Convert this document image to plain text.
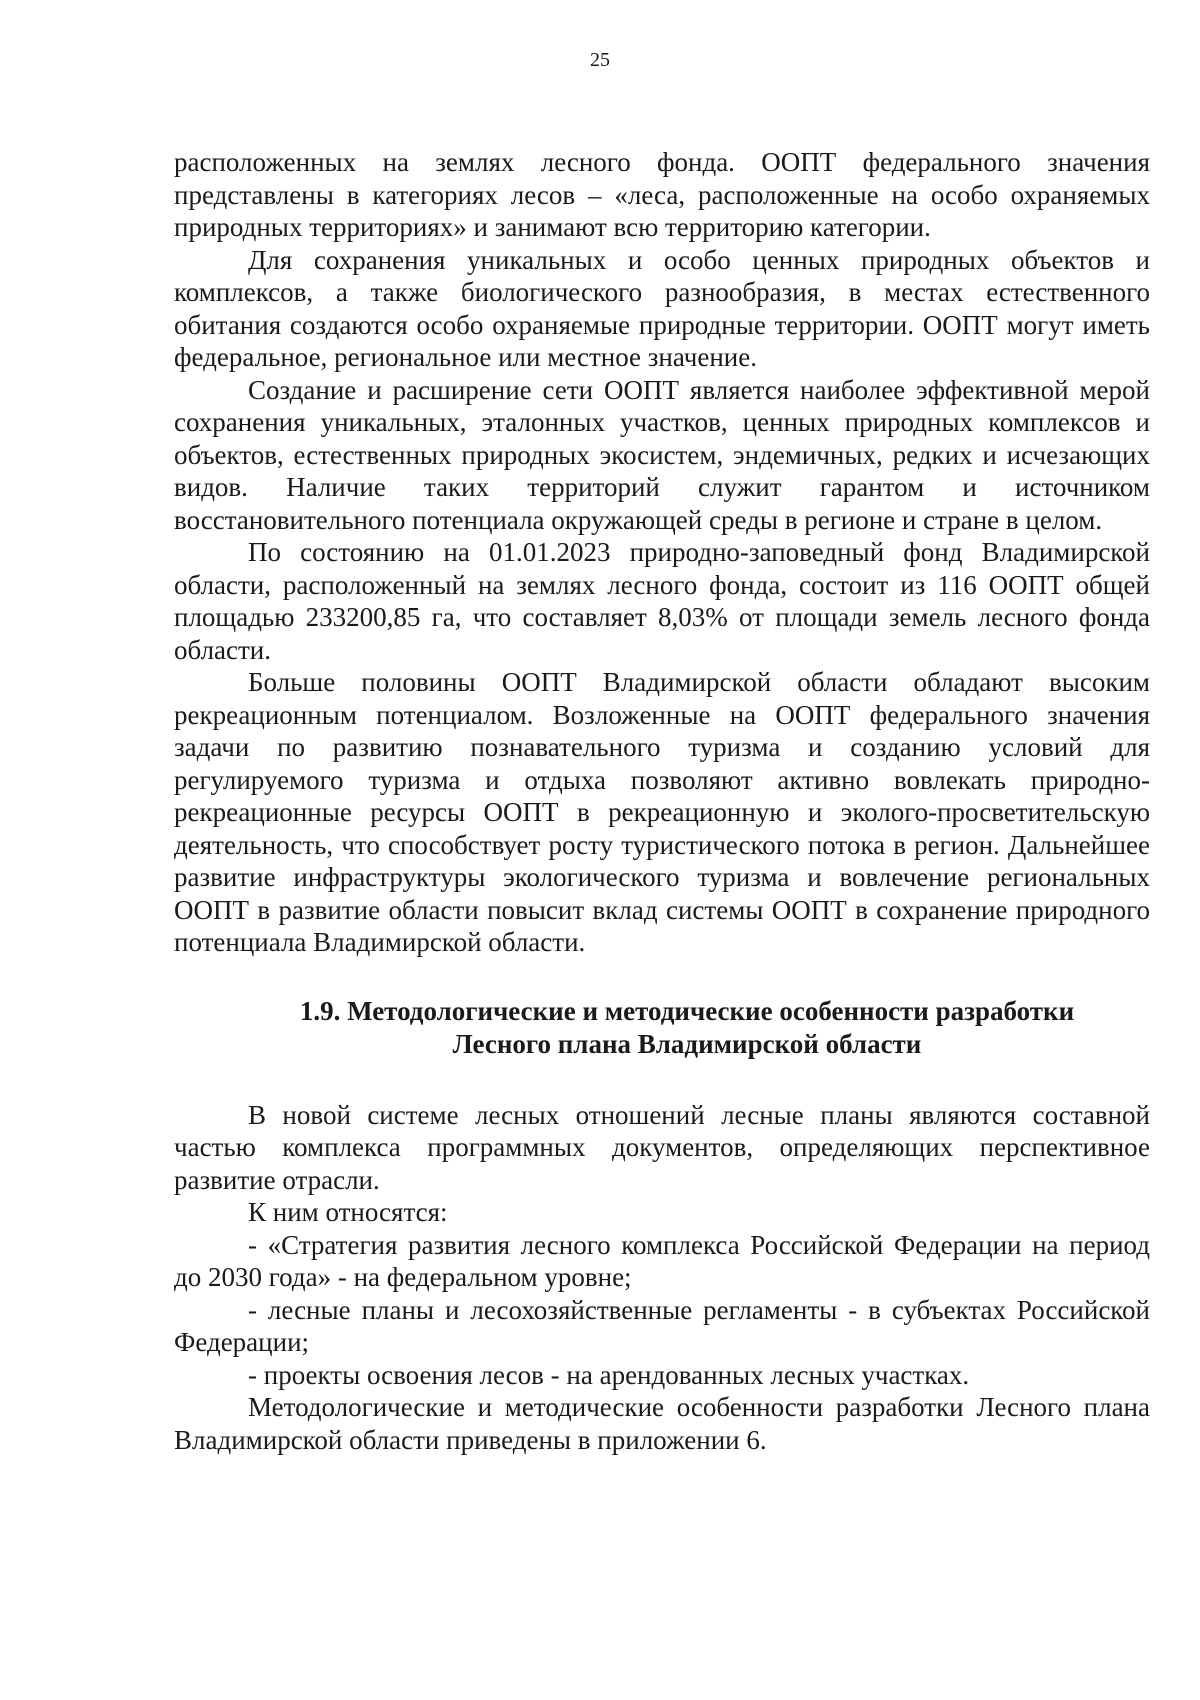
25

расположенных на землях лесного фонда. ООПТ федерального значения представлены в категориях лесов – «леса, расположенные на особо охраняемых природных территориях» и занимают всю территорию категории.

Для сохранения уникальных и особо ценных природных объектов и комплексов, а также биологического разнообразия, в местах естественного обитания создаются особо охраняемые природные территории. ООПТ могут иметь федеральное, региональное или местное значение.

Создание и расширение сети ООПТ является наиболее эффективной мерой сохранения уникальных, эталонных участков, ценных природных комплексов и объектов, естественных природных экосистем, эндемичных, редких и исчезающих видов. Наличие таких территорий служит гарантом и источником восстановительного потенциала окружающей среды в регионе и стране в целом.

По состоянию на 01.01.2023 природно-заповедный фонд Владимирской области, расположенный на землях лесного фонда, состоит из 116 ООПТ общей площадью 233200,85 га, что составляет 8,03% от площади земель лесного фонда области.

Больше половины ООПТ Владимирской области обладают высоким рекреационным потенциалом. Возложенные на ООПТ федерального значения задачи по развитию познавательного туризма и созданию условий для регулируемого туризма и отдыха позволяют активно вовлекать природно-рекреационные ресурсы ООПТ в рекреационную и эколого-просветительскую деятельность, что способствует росту туристического потока в регион. Дальнейшее развитие инфраструктуры экологического туризма и вовлечение региональных ООПТ в развитие области повысит вклад системы ООПТ в сохранение природного потенциала Владимирской области.

1.9. Методологические и методические особенности разработки
Лесного плана Владимирской области

В новой системе лесных отношений лесные планы являются составной частью комплекса программных документов, определяющих перспективное развитие отрасли.

К ним относятся:

- «Стратегия развития лесного комплекса Российской Федерации на период до 2030 года» - на федеральном уровне;

- лесные планы и лесохозяйственные регламенты - в субъектах Российской Федерации;

- проекты освоения лесов - на арендованных лесных участках.

Методологические и методические особенности разработки Лесного плана Владимирской области приведены в приложении 6.
